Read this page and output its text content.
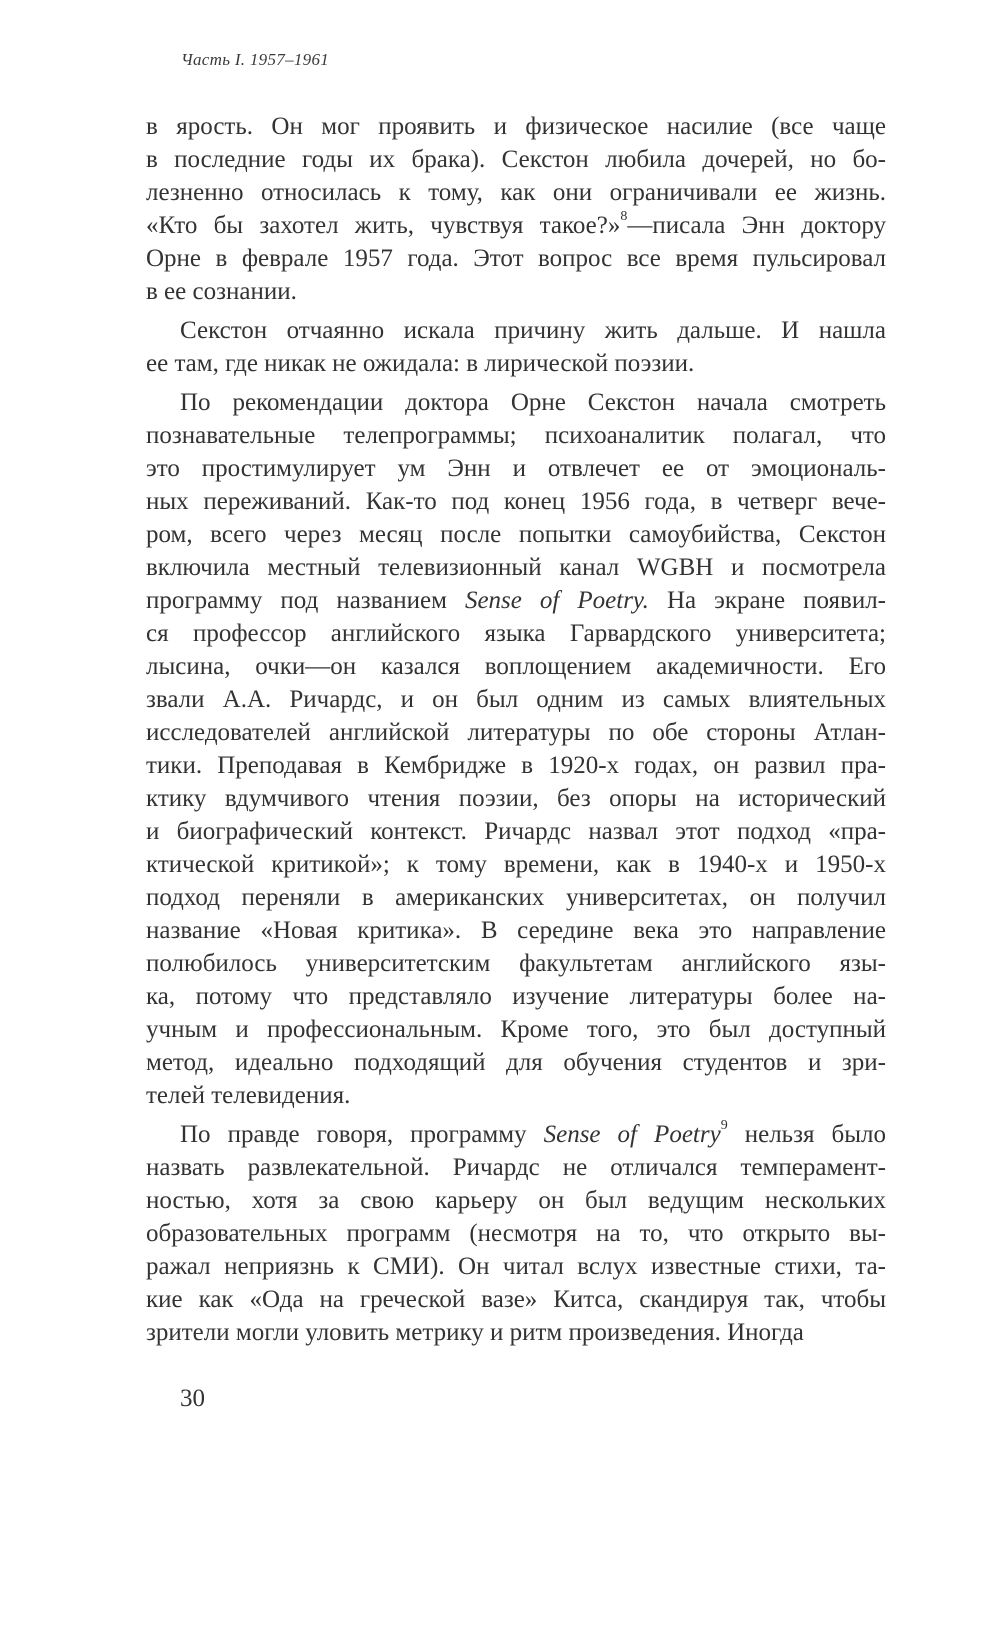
Часть I. 1957–1961
в ярость. Он мог проявить и физическое насилие (все чаще
в последние годы их брака). Секстон любила дочерей, но бо-
лезненно относилась к тому, как они ограничивали ее жизнь.
«Кто бы захотел жить, чувствуя такое?»$^8$—писала Энн доктору
Орне в феврале 1957 года. Этот вопрос все время пульсировал
в ее сознании.
Секстон отчаянно искала причину жить дальше. И нашла
ее там, где никак не ожидала: в лирической поэзии.
По рекомендации доктора Орне Секстон начала смотреть
познавательные телепрограммы; психоаналитик полагал, что
это простимулирует ум Энн и отвлечет ее от эмоциональ-
ных переживаний. Как-то под конец 1956 года, в четверг вече-
ром, всего через месяц после попытки самоубийства, Секстон
включила местный телевизионный канал WGBH и посмотрела
программу под названием Sense of Poetry. На экране появил-
ся профессор английского языка Гарвардского университета;
лысина, очки—он казался воплощением академичности. Его
звали А.А. Ричардс, и он был одним из самых влиятельных
исследователей английской литературы по обе стороны Атлан-
тики. Преподавая в Кембридже в 1920-х годах, он развил пра-
ктику вдумчивого чтения поэзии, без опоры на исторический
и биографический контекст. Ричардс назвал этот подход «пра-
ктической критикой»; к тому времени, как в 1940-х и 1950-х
подход переняли в американских университетах, он получил
название «Новая критика». В середине века это направление
полюбилось университетским факультетам английского язы-
ка, потому что представляло изучение литературы более на-
учным и профессиональным. Кроме того, это был доступный
метод, идеально подходящий для обучения студентов и зри-
телей телевидения.
По правде говоря, программу Sense of Poetry$^9$ нельзя было
назвать развлекательной. Ричардс не отличался темперамент-
ностью, хотя за свою карьеру он был ведущим нескольких
образовательных программ (несмотря на то, что открыто вы-
ражал неприязнь к СМИ). Он читал вслух известные стихи, та-
кие как «Ода на греческой вазе» Китса, скандируя так, чтобы
зрители могли уловить метрику и ритм произведения. Иногда
30
